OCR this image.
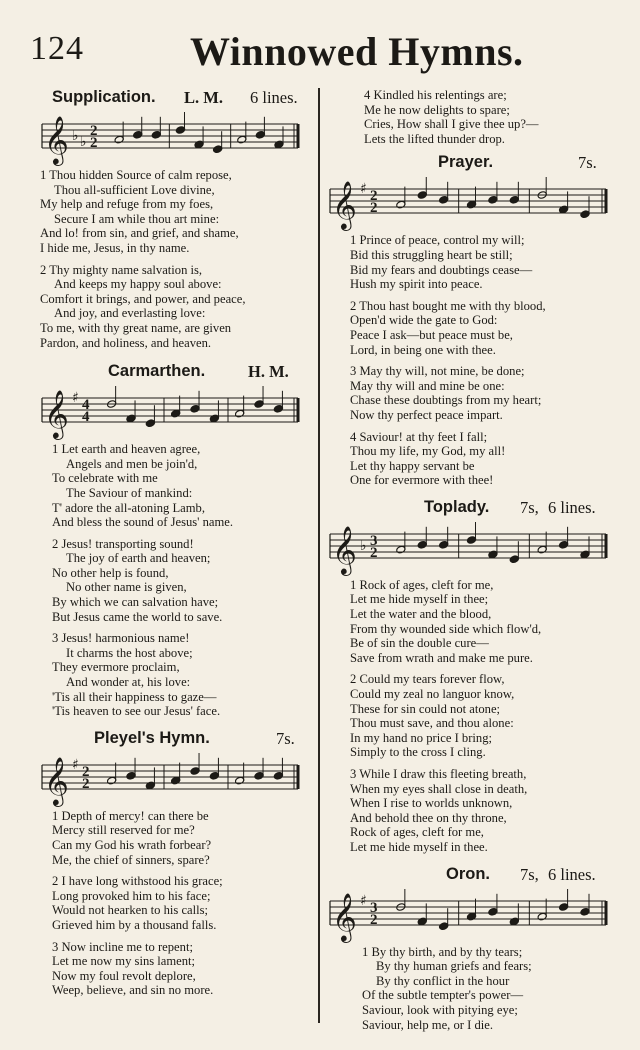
124	Winnowed Hymns.
Supplication. L. M. 6 lines.
𝄞 ♭ ♭
2
2
1 Thou hidden Source of calm repose,
Thou all-sufficient Love divine,
My help and refuge from my foes,
Secure I am while thou art mine:
And lo! from sin, and grief, and shame,
I hide me, Jesus, in thy name.
2 Thy mighty name salvation is,
And keeps my happy soul above:
Comfort it brings, and power, and peace,
And joy, and everlasting love:
To me, with thy great name, are given
Pardon, and holiness, and heaven.
Carmarthen.	H. M.
𝄞 ♯ 4
4
1 Let earth and heaven agree,
Angels and men be join'd,
To celebrate with me
The Saviour of mankind:
T' adore the all-atoning Lamb,
And bless the sound of Jesus' name.
2 Jesus! transporting sound!
The joy of earth and heaven;
No other help is found,
No other name is given,
By which we can salvation have;
But Jesus came the world to save.
3 Jesus! harmonious name!
It charms the host above;
They evermore proclaim,
And wonder at, his love:
'Tis all their happiness to gaze—
'Tis heaven to see our Jesus' face.
Pleyel's Hymn.	7s.
𝄞 ♯ 2
2
1 Depth of mercy! can there be
Mercy still reserved for me?
Can my God his wrath forbear?
Me, the chief of sinners, spare?
2 I have long withstood his grace;
Long provoked him to his face;
Would not hearken to his calls;
Grieved him by a thousand falls.
3 Now incline me to repent;
Let me now my sins lament;
Now my foul revolt deplore,
Weep, believe, and sin no more.
4 Kindled his relentings are;
Me he now delights to spare;
Cries, How shall I give thee up?—
Lets the lifted thunder drop.
Prayer.	7s.
𝄞 ♯ 2
2
1 Prince of peace, control my will;
Bid this struggling heart be still;
Bid my fears and doubtings cease—
Hush my spirit into peace.
2 Thou hast bought me with thy blood,
Open'd wide the gate to God:
Peace I ask—but peace must be,
Lord, in being one with thee.
3 May thy will, not mine, be done;
May thy will and mine be one:
Chase these doubtings from my heart;
Now thy perfect peace impart.
4 Saviour! at thy feet I fall;
Thou my life, my God, my all!
Let thy happy servant be
One for evermore with thee!
Toplady. 7s, 6 lines.
𝄞 ♭ 3
2
1 Rock of ages, cleft for me,
Let me hide myself in thee;
Let the water and the blood,
From thy wounded side which flow'd,
Be of sin the double cure—
Save from wrath and make me pure.
2 Could my tears forever flow,
Could my zeal no languor know,
These for sin could not atone;
Thou must save, and thou alone:
In my hand no price I bring;
Simply to the cross I cling.
3 While I draw this fleeting breath,
When my eyes shall close in death,
When I rise to worlds unknown,
And behold thee on thy throne,
Rock of ages, cleft for me,
Let me hide myself in thee.
Oron. 7s, 6 lines.
𝄞 ♯ 3
2
1 By thy birth, and by thy tears;
By thy human griefs and fears;
By thy conflict in the hour
Of the subtle tempter's power—
Saviour, look with pitying eye;
Saviour, help me, or I die.
